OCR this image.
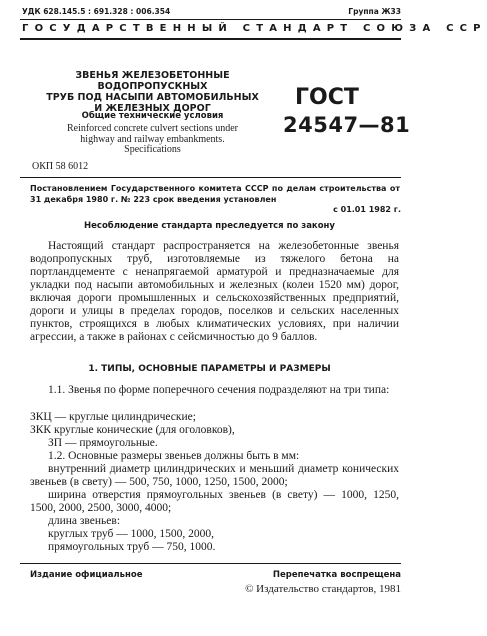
УДК 628.145.5 : 691.328 : 006.354	Группа Ж33
ГОСУДАРСТВЕННЫЙ СТАНДАРТ СОЮЗА ССР
ЗВЕНЬЯ ЖЕЛЕЗОБЕТОННЫЕ ВОДОПРОПУСКНЫХ
ТРУБ ПОД НАСЫПИ АВТОМОБИЛЬНЫХ
И ЖЕЛЕЗНЫХ ДОРОГ	ГОСТ
24547—81
Общие технические условия
Reinforced concrete culvert sections under
highway and railway embankments.
Specifications
ОКП 58 6012
Постановлением Государственного комитета СССР по делам строительства от 31 декабря 1980 г. № 223 срок введения установлен
с 01.01 1982 г.
Несоблюдение стандарта преследуется по закону
Настоящий стандарт распространяется на железобетонные звенья водопропускных труб, изготовляемые из тяжелого бетона на портландцементе с ненапрягаемой арматурой и предназначаемые для укладки под насыпи автомобильных и железных (колеи 1520 мм) дорог, включая дороги промышленных и сельскохозяйственных предприятий, дороги и улицы в пределах городов, поселков и сельских населенных пунктов, строящихся в любых климатических условиях, при наличии агрессии, а также в районах с сейсмичностью до 9 баллов.
1. ТИПЫ, ОСНОВНЫЕ ПАРАМЕТРЫ И РАЗМЕРЫ
1.1. Звенья по форме поперечного сечения подразделяют на три типа:
ЗКЦ — круглые цилиндрические;
ЗКК круглые конические (для оголовков),
ЗП — прямоугольные.
1.2. Основные размеры звеньев должны быть в мм:
внутренний диаметр цилиндрических и меньший диаметр конических звеньев (в свету) — 500, 750, 1000, 1250, 1500, 2000;
ширина отверстия прямоугольных звеньев (в свету) — 1000, 1250, 1500, 2000, 2500, 3000, 4000;
длина звеньев:
круглых труб — 1000, 1500, 2000,
прямоугольных труб — 750, 1000.
Издание официальное	Перепечатка воспрещена
© Издательство стандартов, 1981
